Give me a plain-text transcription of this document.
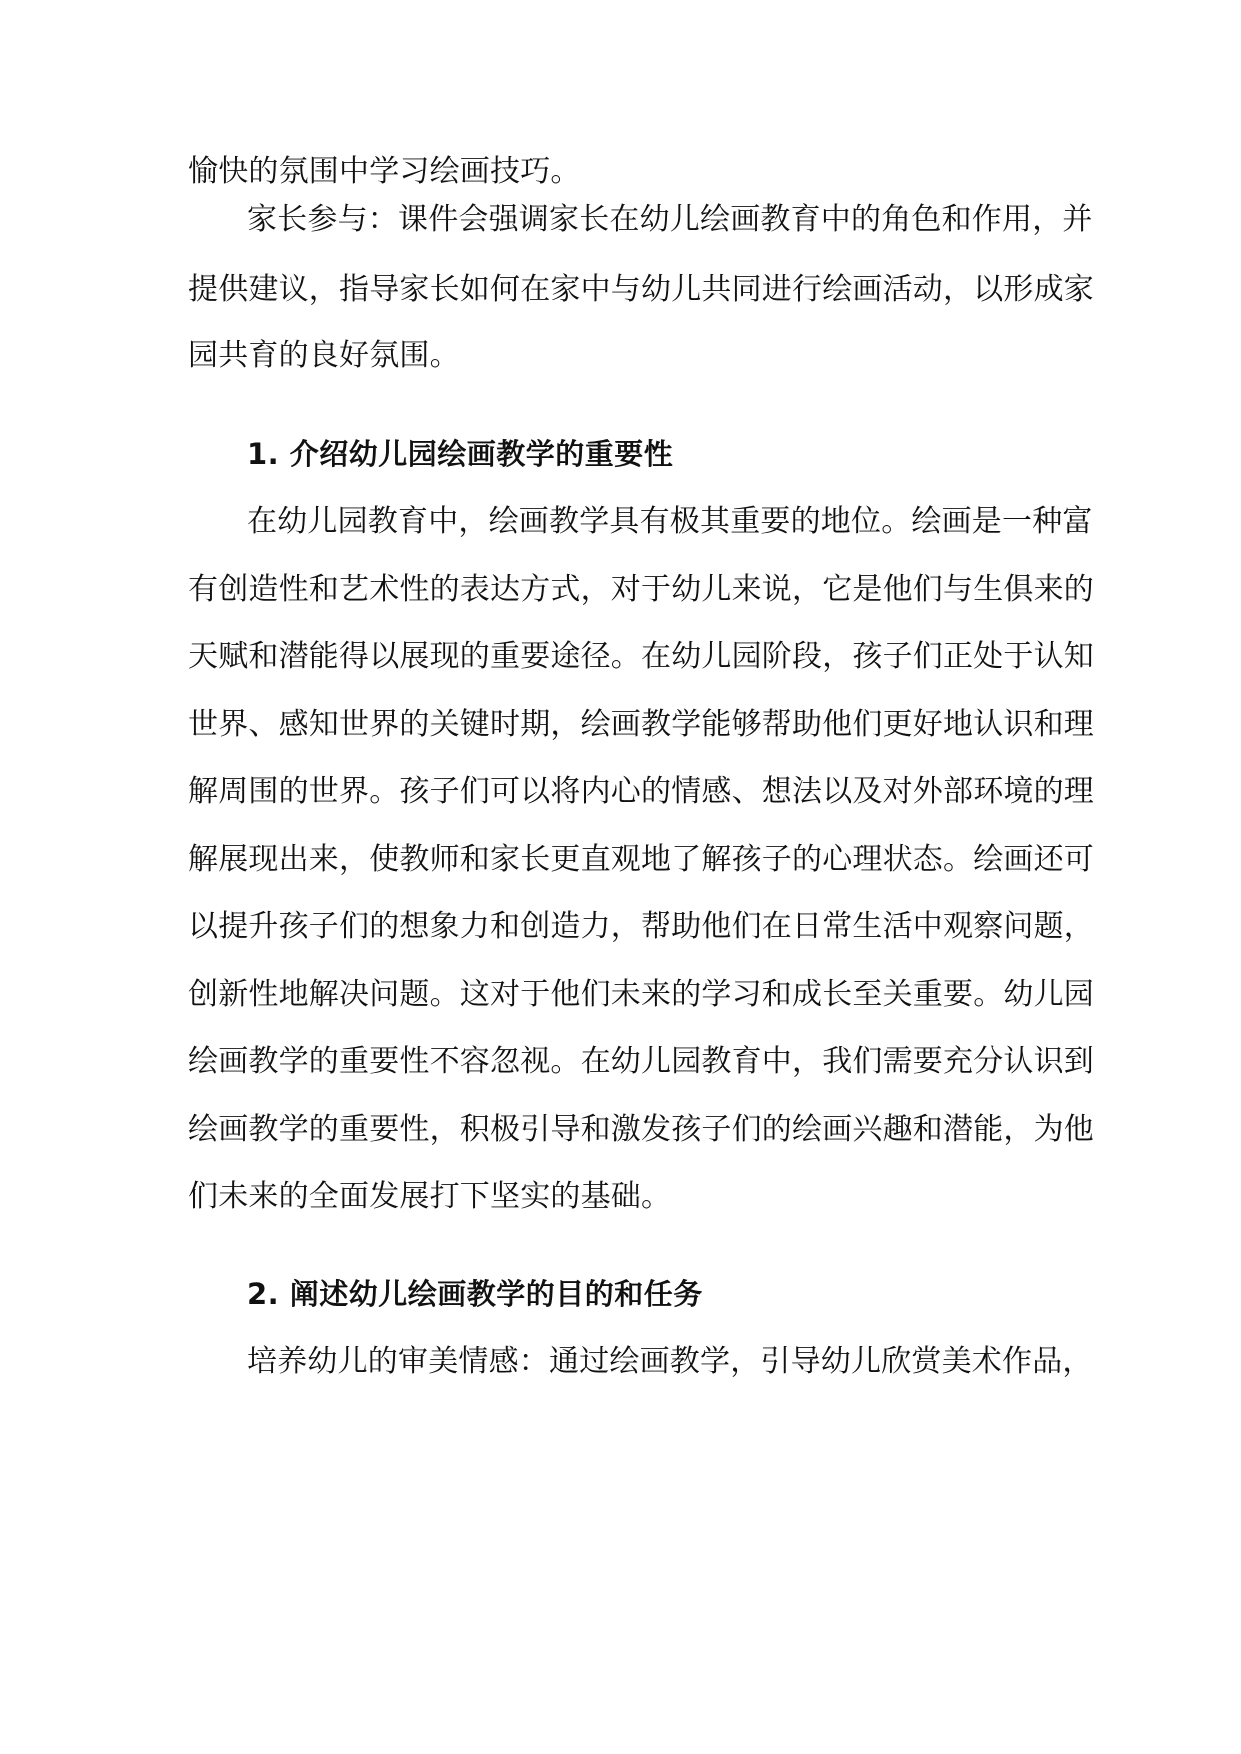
愉快的氛围中学习绘画技巧。
家长参与：课件会强调家长在幼儿绘画教育中的角色和作用，并
提供建议，指导家长如何在家中与幼儿共同进行绘画活动，以形成家
园共育的良好氛围。
1. 介绍幼儿园绘画教学的重要性
在幼儿园教育中，绘画教学具有极其重要的地位。绘画是一种富
有创造性和艺术性的表达方式，对于幼儿来说，它是他们与生俱来的
天赋和潜能得以展现的重要途径。在幼儿园阶段，孩子们正处于认知
世界、感知世界的关键时期，绘画教学能够帮助他们更好地认识和理
解周围的世界。孩子们可以将内心的情感、想法以及对外部环境的理
解展现出来，使教师和家长更直观地了解孩子的心理状态。绘画还可
以提升孩子们的想象力和创造力，帮助他们在日常生活中观察问题，
创新性地解决问题。这对于他们未来的学习和成长至关重要。幼儿园
绘画教学的重要性不容忽视。在幼儿园教育中，我们需要充分认识到
绘画教学的重要性，积极引导和激发孩子们的绘画兴趣和潜能，为他
们未来的全面发展打下坚实的基础。
2. 阐述幼儿绘画教学的目的和任务
培养幼儿的审美情感：通过绘画教学，引导幼儿欣赏美术作品，
